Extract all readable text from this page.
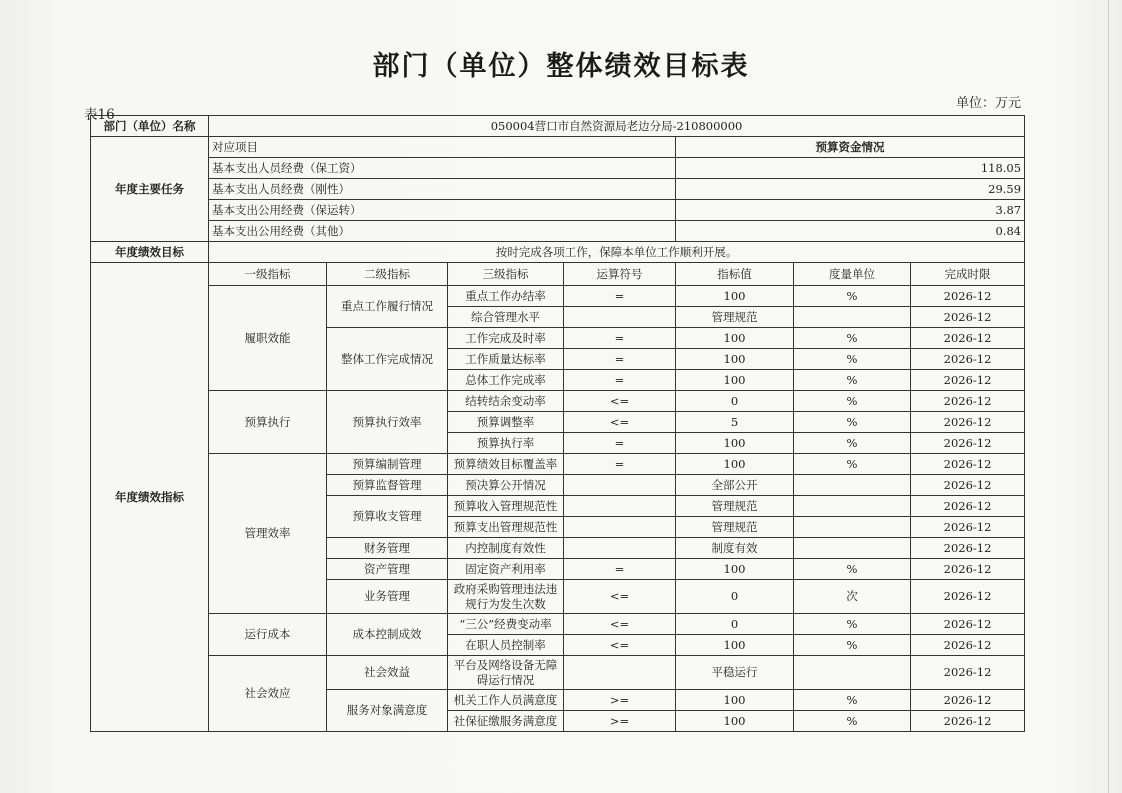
部门（单位）整体绩效目标表
单位：万元
表16
部门（单位）名称	050004营口市自然资源局老边分局-210800000						
年度主要任务	对应项目				预算资金情况		
	基本支出人员经费（保工资）				118.05		
	基本支出人员经费（刚性）				29.59		
	基本支出公用经费（保运转）				3.87		
	基本支出公用经费（其他）				0.84		
年度绩效目标	按时完成各项工作，保障本单位工作顺利开展。						
年度绩效指标	一级指标	二级指标	三级指标	运算符号	指标值	度量单位	完成时限
	履职效能	重点工作履行情况	重点工作办结率	=	100	%	2026-12
			综合管理水平		管理规范		2026-12
		整体工作完成情况	工作完成及时率	=	100	%	2026-12
			工作质量达标率	=	100	%	2026-12
			总体工作完成率	=	100	%	2026-12
	预算执行	预算执行效率	结转结余变动率	<=	0	%	2026-12
			预算调整率	<=	5	%	2026-12
			预算执行率	=	100	%	2026-12
	管理效率	预算编制管理	预算绩效目标覆盖率	=	100	%	2026-12
		预算监督管理	预决算公开情况		全部公开		2026-12
		预算收支管理	预算收入管理规范性		管理规范		2026-12
			预算支出管理规范性		管理规范		2026-12
		财务管理	内控制度有效性		制度有效		2026-12
		资产管理	固定资产利用率	=	100	%	2026-12
		业务管理	政府采购管理违法违规行为发生次数	<=	0	次	2026-12
	运行成本	成本控制成效	“三公”经费变动率	<=	0	%	2026-12
			在职人员控制率	<=	100	%	2026-12
	社会效应	社会效益	平台及网络设备无障碍运行情况		平稳运行		2026-12
		服务对象满意度	机关工作人员满意度	>=	100	%	2026-12
			社保征缴服务满意度	>=	100	%	2026-12
